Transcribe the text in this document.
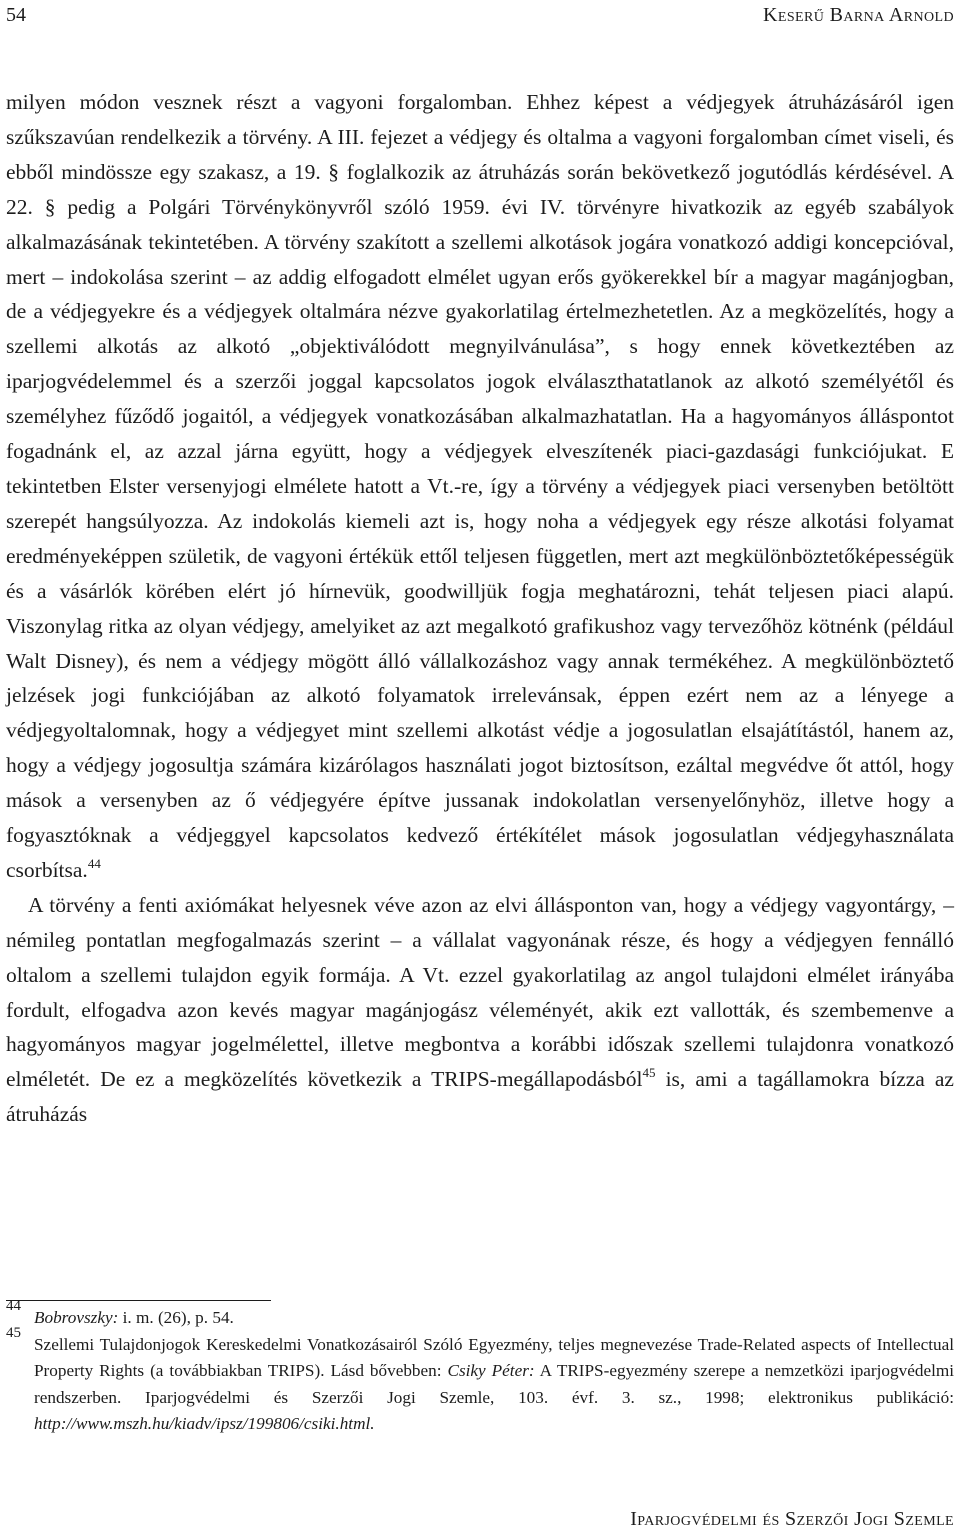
54	Keserű Barna Arnold

milyen módon vesznek részt a vagyoni forgalomban. Ehhez képest a védjegyek átruházásáról igen szűkszavúan rendelkezik a törvény. A III. fejezet a védjegy és oltalma a vagyoni forgalomban címet viseli, és ebből mindössze egy szakasz, a 19. § foglalkozik az átruházás során bekövetkező jogutódlás kérdésével. A 22. § pedig a Polgári Törvénykönyvről szóló 1959. évi IV. törvényre hivatkozik az egyéb szabályok alkalmazásának tekintetében. A törvény szakított a szellemi alkotások jogára vonatkozó addigi koncepcióval, mert – indokolása szerint – az addig elfogadott elmélet ugyan erős gyökerekkel bír a magyar magánjogban, de a védjegyekre és a védjegyek oltalmára nézve gyakorlatilag értelmezhetetlen. Az a megközelítés, hogy a szellemi alkotás az alkotó „objektiválódott megnyilvánulása”, s hogy ennek következtében az iparjogvédelemmel és a szerzői joggal kapcsolatos jogok elválaszthatatlanok az alkotó személyétől és személyhez fűződő jogaitól, a védjegyek vonatkozásában alkalmazhatatlan. Ha a hagyományos álláspontot fogadnánk el, az azzal járna együtt, hogy a védjegyek elveszítenék piaci-gazdasági funkciójukat. E tekintetben Elster versenyjogi elmélete hatott a Vt.-re, így a törvény a védjegyek piaci versenyben betöltött szerepét hangsúlyozza. Az indokolás kiemeli azt is, hogy noha a védjegyek egy része alkotási folyamat eredményeképpen születik, de vagyoni értékük ettől teljesen független, mert azt megkülönböztetőképességük és a vásárlók körében elért jó hírnevük, goodwilljük fogja meghatározni, tehát teljesen piaci alapú. Viszonylag ritka az olyan védjegy, amelyiket az azt megalkotó grafikushoz vagy tervezőhöz kötnénk (például Walt Disney), és nem a védjegy mögött álló vállalkozáshoz vagy annak termékéhez. A megkülönböztető jelzések jogi funkciójában az alkotó folyamatok irrelevánsak, éppen ezért nem az a lényege a védjegyoltalomnak, hogy a védjegyet mint szellemi alkotást védje a jogosulatlan elsajátítástól, hanem az, hogy a védjegy jogosultja számára kizárólagos használati jogot biztosítson, ezáltal megvédve őt attól, hogy mások a versenyben az ő védjegyére építve jussanak indokolatlan versenyelőnyhöz, illetve hogy a fogyasztóknak a védjeggyel kapcsolatos kedvező értékítélet mások jogosulatlan védjegyhasználata csorbítsa.$^{44}$

A törvény a fenti axiómákat helyesnek véve azon az elvi állásponton van, hogy a védjegy vagyontárgy, – némileg pontatlan megfogalmazás szerint – a vállalat vagyonának része, és hogy a védjegyen fennálló oltalom a szellemi tulajdon egyik formája. A Vt. ezzel gyakorlatilag az angol tulajdoni elmélet irányába fordult, elfogadva azon kevés magyar magánjogász véleményét, akik ezt vallották, és szembemenve a hagyományos magyar jogelmélettel, illetve megbontva a korábbi időszak szellemi tulajdonra vonatkozó elméletét. De ez a megközelítés következik a TRIPS-megállapodásból$^{45}$ is, ami a tagállamokra bízza az átruházás

44
Bobrovszky: i. m. (26), p. 54.
45
Szellemi Tulajdonjogok Kereskedelmi Vonatkozásairól Szóló Egyezmény, teljes megnevezése Trade-Related aspects of Intellectual Property Rights (a továbbiakban TRIPS). Lásd bővebben: Csiky Péter: A TRIPS-egyezmény szerepe a nemzetközi iparjogvédelmi rendszerben. Iparjogvédelmi és Szerzői Jogi Szemle, 103. évf. 3. sz., 1998; elektronikus publikáció: http://www.mszh.hu/kiadv/ipsz/199806/csiki.html.
Iparjogvédelmi és Szerzői Jogi Szemle
